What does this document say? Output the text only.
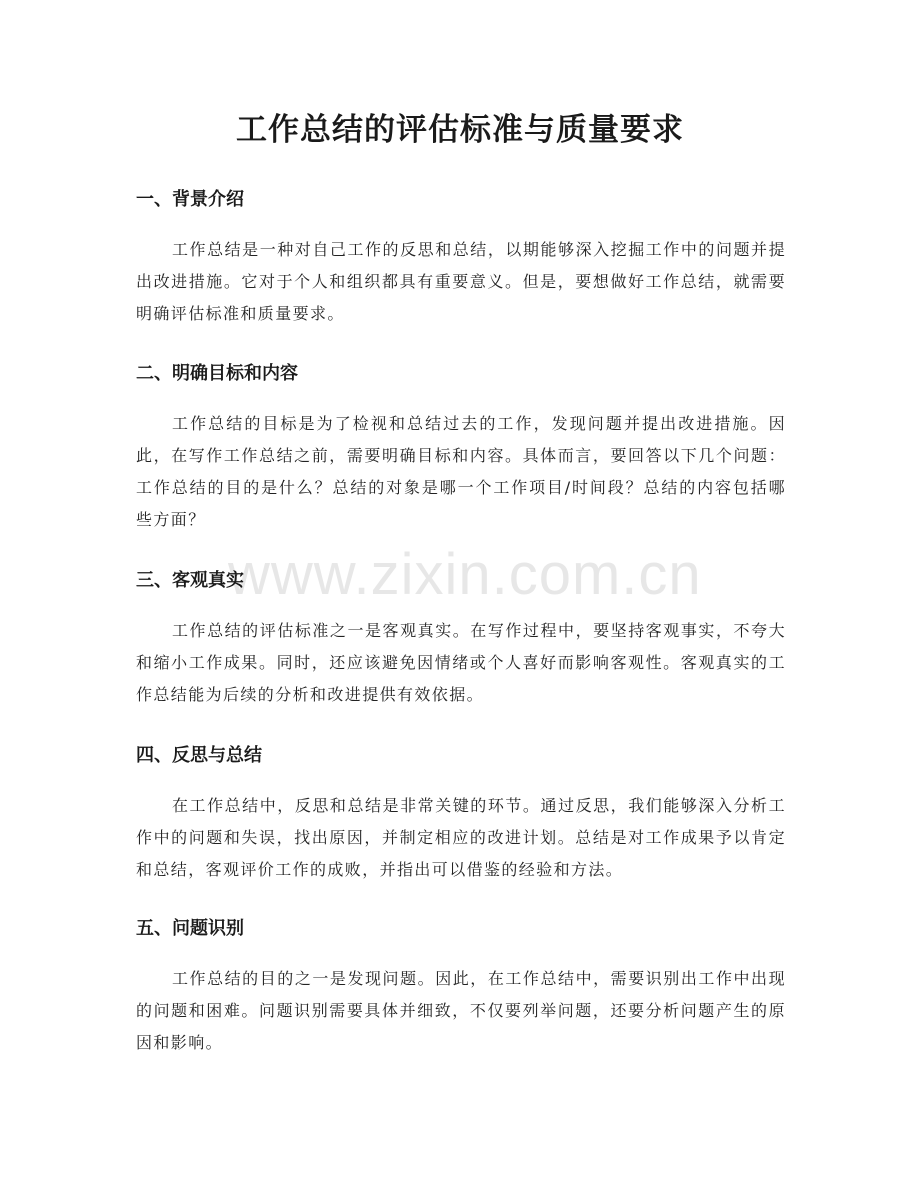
工作总结的评估标准与质量要求
www.zixin.com.cn
一、背景介绍

工作总结是一种对自己工作的反思和总结，以期能够深入挖掘工作中的问题并提出改进措施。它对于个人和组织都具有重要意义。但是，要想做好工作总结，就需要明确评估标准和质量要求。

二、明确目标和内容

工作总结的目标是为了检视和总结过去的工作，发现问题并提出改进措施。因此，在写作工作总结之前，需要明确目标和内容。具体而言，要回答以下几个问题：工作总结的目的是什么？总结的对象是哪一个工作项目/时间段？总结的内容包括哪些方面？

三、客观真实

工作总结的评估标准之一是客观真实。在写作过程中，要坚持客观事实，不夸大和缩小工作成果。同时，还应该避免因情绪或个人喜好而影响客观性。客观真实的工作总结能为后续的分析和改进提供有效依据。

四、反思与总结

在工作总结中，反思和总结是非常关键的环节。通过反思，我们能够深入分析工作中的问题和失误，找出原因，并制定相应的改进计划。总结是对工作成果予以肯定和总结，客观评价工作的成败，并指出可以借鉴的经验和方法。

五、问题识别

工作总结的目的之一是发现问题。因此，在工作总结中，需要识别出工作中出现的问题和困难。问题识别需要具体并细致，不仅要列举问题，还要分析问题产生的原因和影响。
